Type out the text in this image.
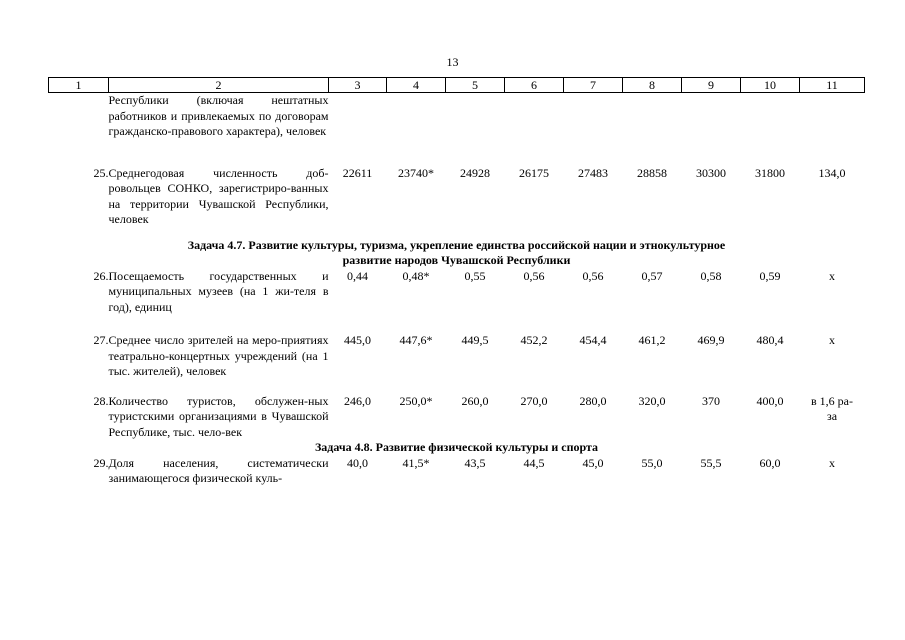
13
1	2	3	4	5	6	7	8	9	10	11
	Республики (включая нештатных работников и привлекаемых по договорам гражданско-правового характера), человек									
25.	Среднегодовая численность доб-ровольцев СОНКО, зарегистриро-ванных на территории Чувашской Республики, человек	22611	23740*	24928	26175	27483	28858	30300	31800	134,0

Задача 4.7. Развитие культуры, туризма, укрепление единства российской нации и этнокультурное развитие народов Чувашской Республики										

26.	Посещаемость государственных и муниципальных музеев (на 1 жи-теля в год), единиц	0,44	0,48*	0,55	0,56	0,56	0,57	0,58	0,59	х
27.	Среднее число зрителей на меро-приятиях театрально-концертных учреждений (на 1 тыс. жителей), человек	445,0	447,6*	449,5	452,2	454,4	461,2	469,9	480,4	х
28.	Количество туристов, обслужен-ных туристскими организациями в Чувашской Республике, тыс. чело-век	246,0	250,0*	260,0	270,0	280,0	320,0	370	400,0	в 1,6 ра-за

Задача 4.8. Развитие физической культуры и спорта										
29.	Доля населения, систематически занимающегося физической куль-	40,0	41,5*	43,5	44,5	45,0	55,0	55,5	60,0	х
